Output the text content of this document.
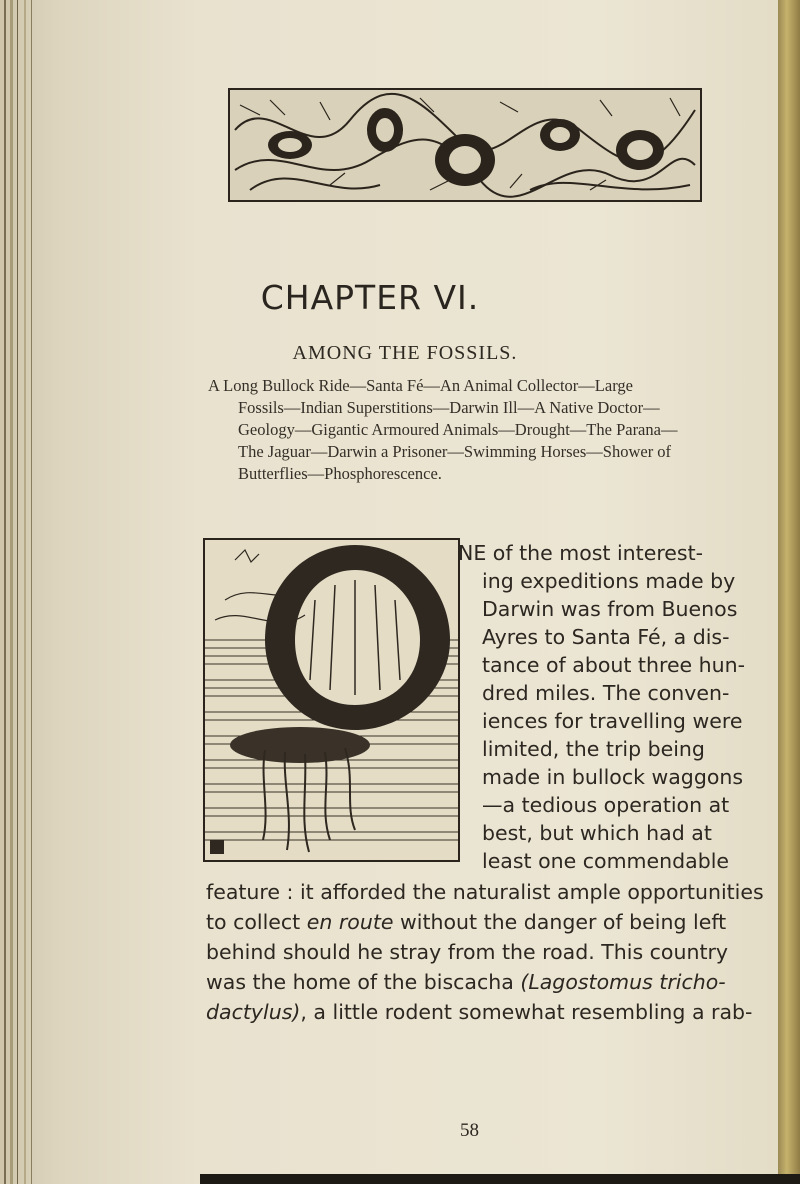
CHAPTER VI.
AMONG THE FOSSILS.
A Long Bullock Ride—Santa Fé—An Animal Collector—Large
Fossils—Indian Superstitions—Darwin Ill—A Native Doctor—
Geology—Gigantic Armoured Animals—Drought—The Parana—
The Jaguar—Darwin a Prisoner—Swimming Horses—Shower of
Butterflies—Phosphorescence.
NE of the most interest-
ing expeditions made by
Darwin was from Buenos
Ayres to Santa Fé, a dis-
tance of about three hun-
dred miles. The conven-
iences for travelling were
limited, the trip being
made in bullock waggons
—a tedious operation at
best, but which had at
least one commendable
feature : it afforded the naturalist ample opportunities
to collect en route without the danger of being left
behind should he stray from the road. This country
was the home of the biscacha (Lagostomus tricho-
dactylus), a little rodent somewhat resembling a rab-
58
